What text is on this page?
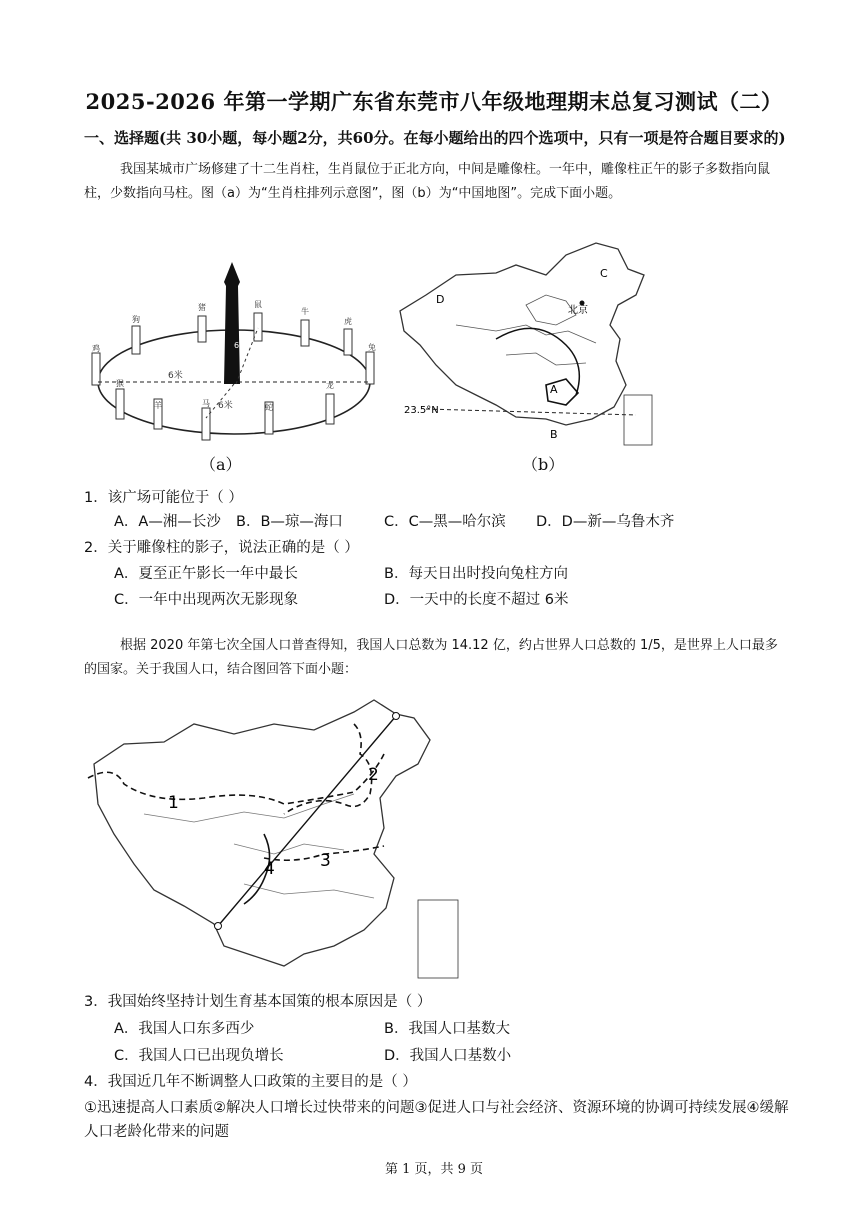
2025-2026 年第一学期广东省东莞市八年级地理期末总复习测试（二）
一、选择题(共 30小题，每小题2分，共60分。在每小题给出的四个选项中，只有一项是符合题目要求的)
我国某城市广场修建了十二生肖柱，生肖鼠位于正北方向，中间是雕像柱。一年中，雕像柱正午的影子多数指向鼠柱，少数指向马柱。图（a）为“生肖柱排列示意图”，图（b）为“中国地图”。完成下面小题。
猪	鼠
牛
虎
兔
龙
蛇
马
羊
猴
鸡
狗
6米
6米
6米
（a）
D
C
北京
A
B
23.5°N
（b）
1．该广场可能位于（ ）
A．A—湘—长沙 B．B—琼—海口	C．C—黑—哈尔滨 D．D—新—乌鲁木齐
2．关于雕像柱的影子，说法正确的是（ ）
A．夏至正午影长一年中最长	B．每天日出时投向兔柱方向
C．一年中出现两次无影现象	D．一天中的长度不超过 6米
根据 2020 年第七次全国人口普查得知，我国人口总数为 14.12 亿，约占世界人口总数的 1/5，是世界上人口最多的国家。关于我国人口，结合图回答下面小题：
1
2
3
4
3．我国始终坚持计划生育基本国策的根本原因是（ ）
A．我国人口东多西少	B．我国人口基数大
C．我国人口已出现负增长	D．我国人口基数小
4．我国近几年不断调整人口政策的主要目的是（ ）
①迅速提高人口素质②解决人口增长过快带来的问题③促进人口与社会经济、资源环境的协调可持续发展④缓解人口老龄化带来的问题
第 1 页，共 9 页
